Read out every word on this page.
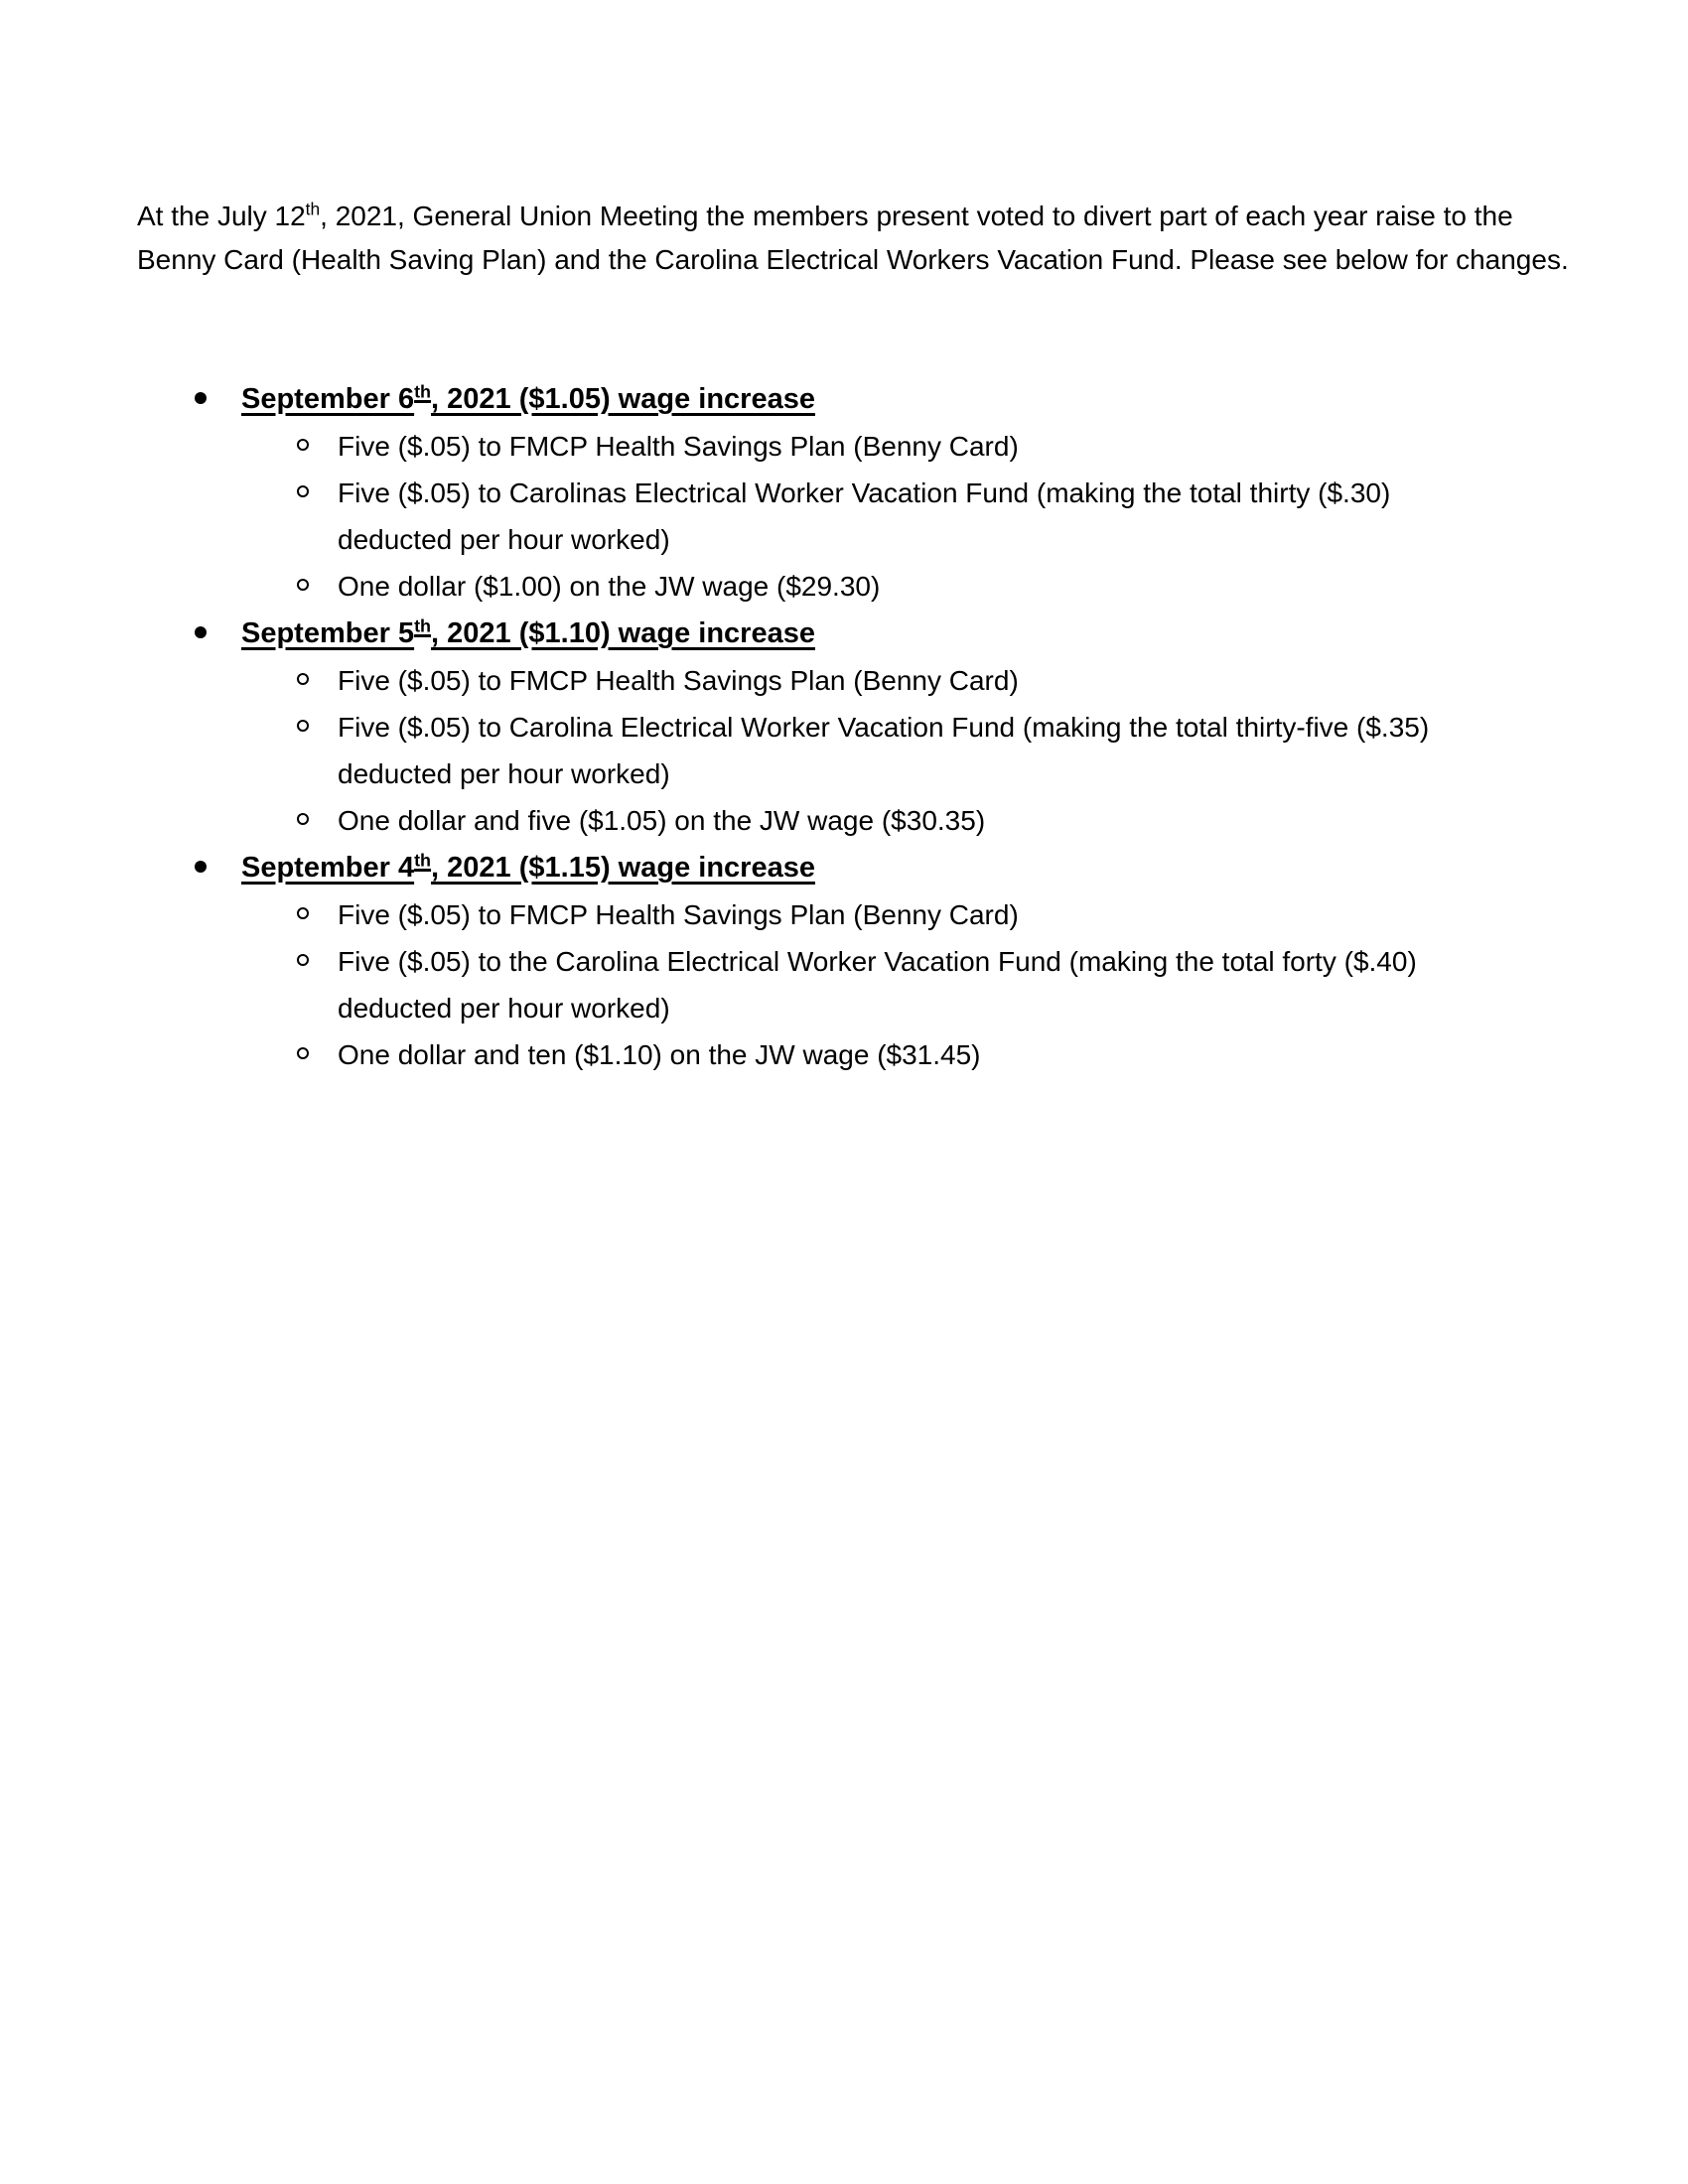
At the July 12th, 2021, General Union Meeting the members present voted to divert part of each year raise to the Benny Card (Health Saving Plan) and the Carolina Electrical Workers Vacation Fund. Please see below for changes.

September 6th, 2021 ($1.05) wage increase
Five ($.05) to FMCP Health Savings Plan (Benny Card)
Five ($.05) to Carolinas Electrical Worker Vacation Fund (making the total thirty ($.30) deducted per hour worked)
One dollar ($1.00) on the JW wage ($29.30)
September 5th, 2021 ($1.10) wage increase
Five ($.05) to FMCP Health Savings Plan (Benny Card)
Five ($.05) to Carolina Electrical Worker Vacation Fund (making the total thirty-five ($.35) deducted per hour worked)
One dollar and five ($1.05) on the JW wage ($30.35)
September 4th, 2021 ($1.15) wage increase
Five ($.05) to FMCP Health Savings Plan (Benny Card)
Five ($.05) to the Carolina Electrical Worker Vacation Fund (making the total forty ($.40) deducted per hour worked)
One dollar and ten ($1.10) on the JW wage ($31.45)
